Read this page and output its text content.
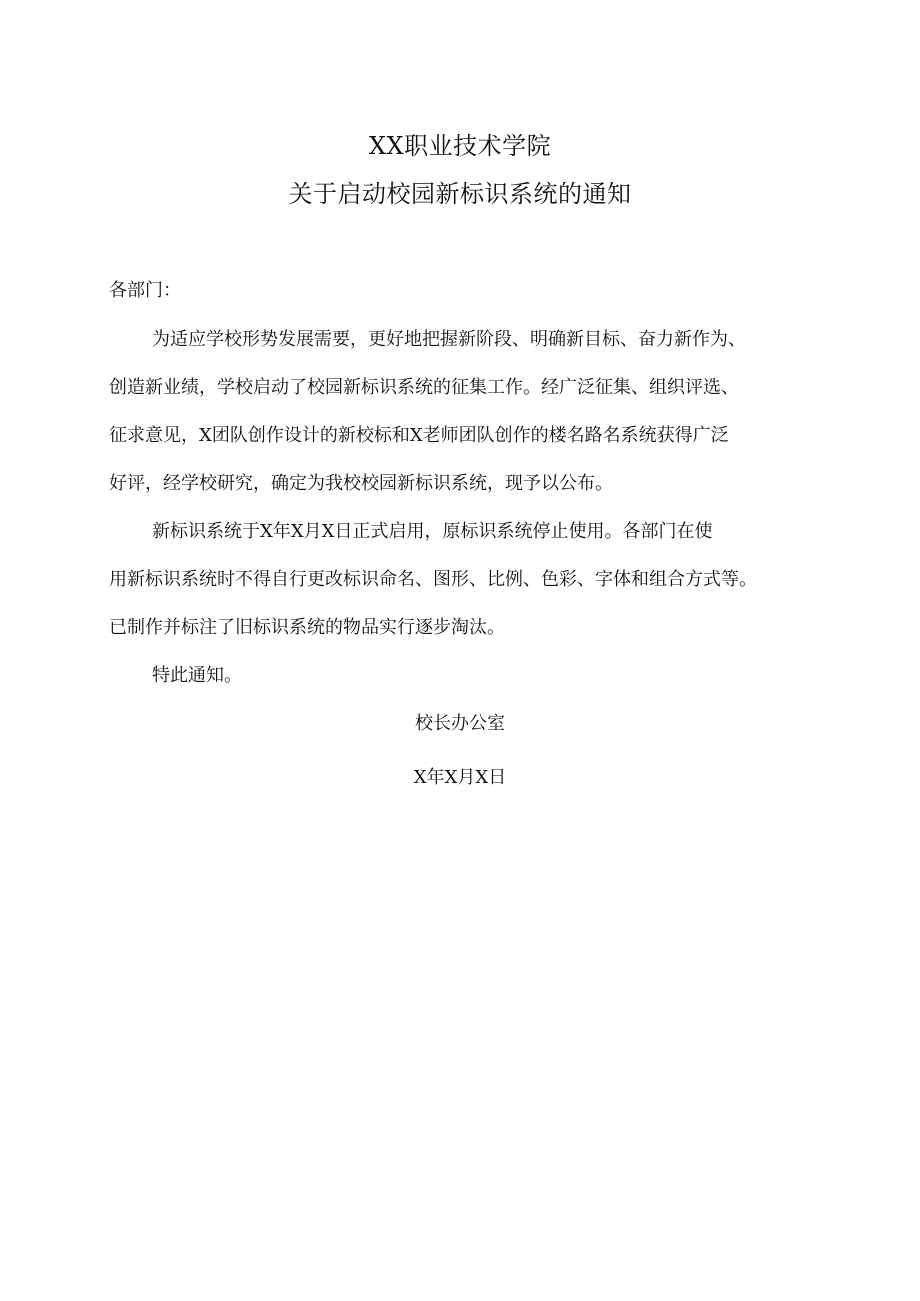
XX职业技术学院
关于启动校园新标识系统的通知
各部门：
为适应学校形势发展需要，更好地把握新阶段、明确新目标、奋力新作为、
创造新业绩，学校启动了校园新标识系统的征集工作。经广泛征集、组织评选、
征求意见，X团队创作设计的新校标和X老师团队创作的楼名路名系统获得广泛
好评，经学校研究，确定为我校校园新标识系统，现予以公布。
新标识系统于X年X月X日正式启用，原标识系统停止使用。各部门在使
用新标识系统时不得自行更改标识命名、图形、比例、色彩、字体和组合方式等。
已制作并标注了旧标识系统的物品实行逐步淘汰。
特此通知。
校长办公室
X年X月X日
